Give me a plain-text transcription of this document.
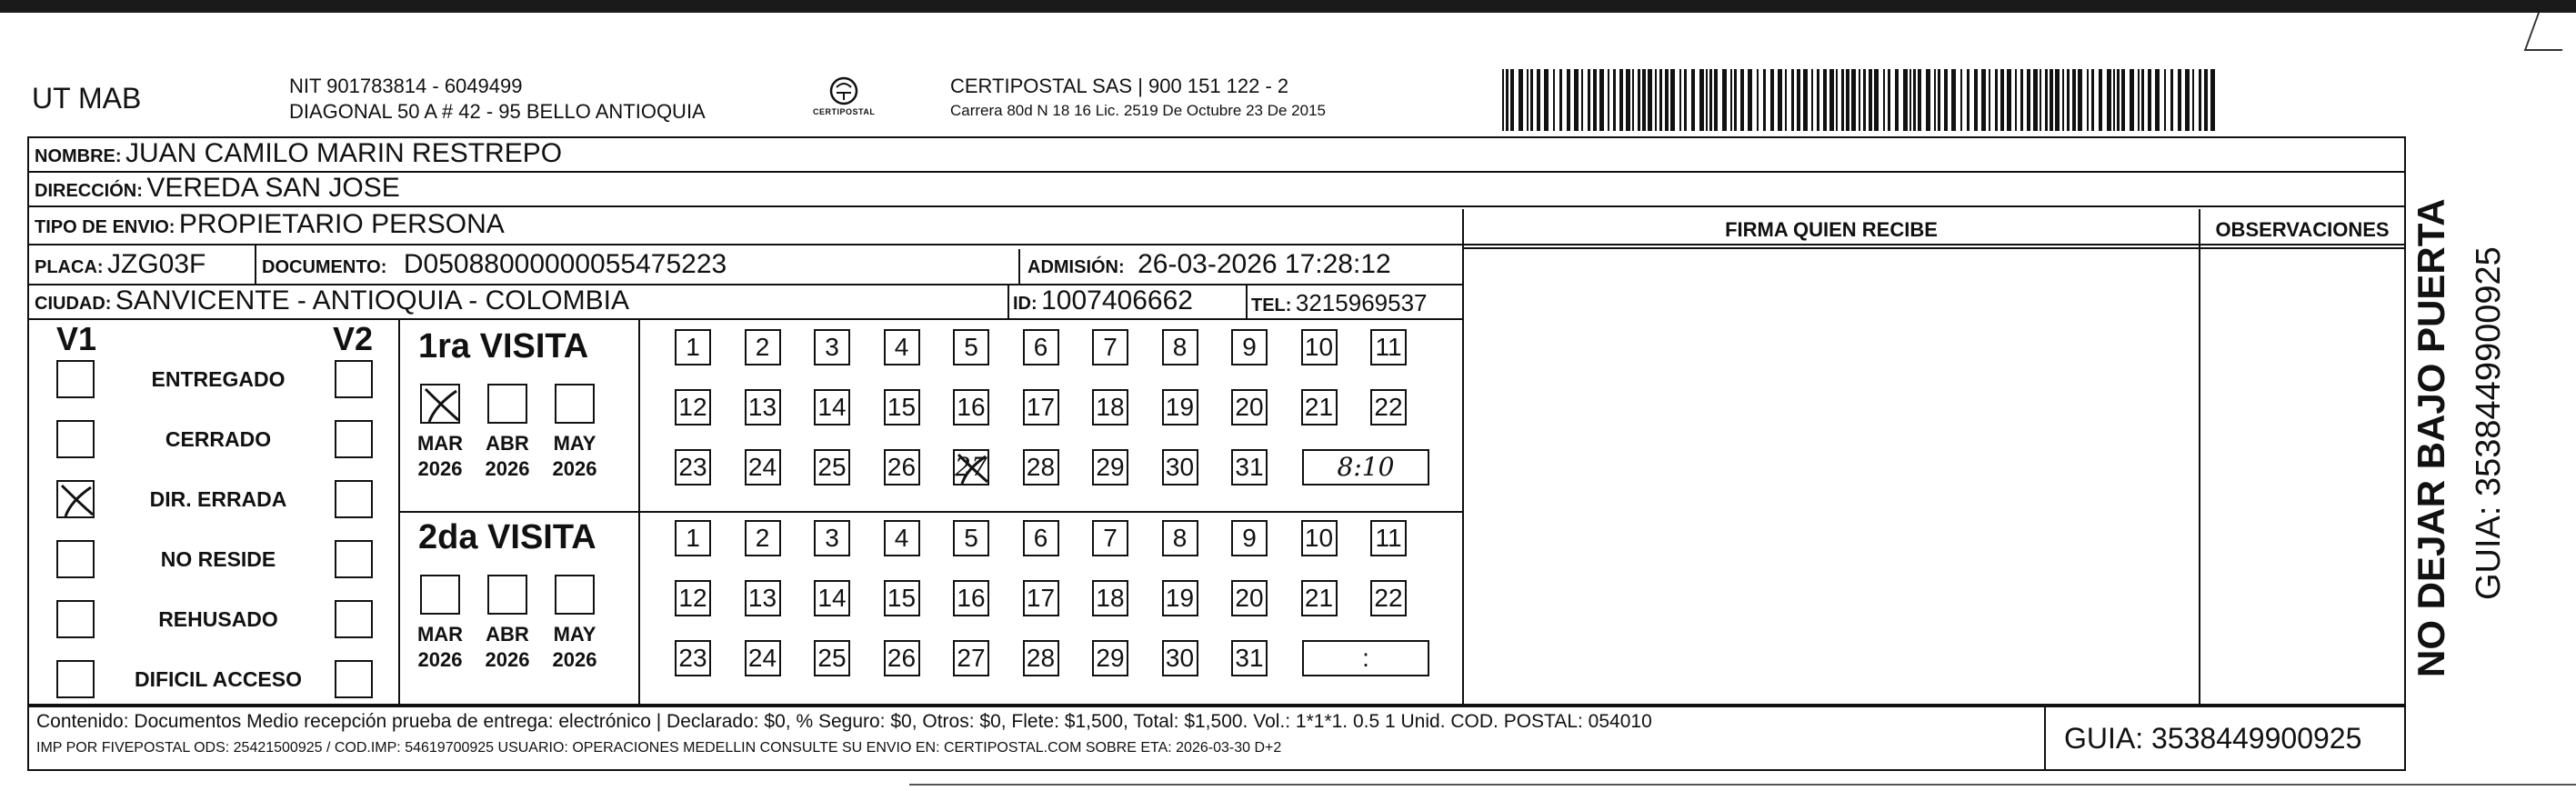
UT MAB	NIT 901783814 - 6049499
DIAGONAL 50 A # 42 - 95 BELLO ANTIOQUIA	CERTIPOSTAL
CERTIPOSTAL SAS | 900 151 122 - 2
Carrera 80d N 18 16 Lic. 2519 De Octubre 23 De 2015
NOMBRE: JUAN CAMILO MARIN RESTREPO
DIRECCIÓN: VEREDA SAN JOSE
TIPO DE ENVIO: PROPIETARIO PERSONA	FIRMA QUIEN RECIBE	OBSERVACIONES
PLACA: JZG03F	DOCUMENTO: D05088000000055475223	ADMISIÓN: 26-03-2026 17:28:12
CIUDAD: SANVICENTE - ANTIOQUIA - COLOMBIA	ID: 1007406662	TEL: 3215969537
V1	V2
ENTREGADO
CERRADO
DIR. ERRADA
NO RESIDE
REHUSADO
DIFICIL ACCESO
1ra VISITA
MAR
2026
ABR
2026
MAY
2026
1	2	3	4	5	6	7	8	9	10 11
12 13 14 15 16 17 18 19 20 21 22
23 24 25 26 27 28 29 30 31	8:10
2da VISITA
MAR
2026
ABR
2026
MAY
2026
1	2	3	4	5	6	7	8	9	10 11
12 13 14 15 16 17 18 19 20 21 22
23 24 25 26 27 28 29 30 31	:
Contenido: Documentos Medio recepción prueba de entrega: electrónico | Declarado: $0, % Seguro: $0, Otros: $0, Flete: $1,500, Total: $1,500. Vol.: 1*1*1. 0.5 1 Unid. COD. POSTAL: 054010
IMP POR FIVEPOSTAL ODS: 25421500925 / COD.IMP: 54619700925 USUARIO: OPERACIONES MEDELLIN CONSULTE SU ENVIO EN: CERTIPOSTAL.COM SOBRE ETA: 2026-03-30 D+2	GUIA: 3538449900925
NO DEJAR BAJO PUERTA GUIA: 3538449900925
